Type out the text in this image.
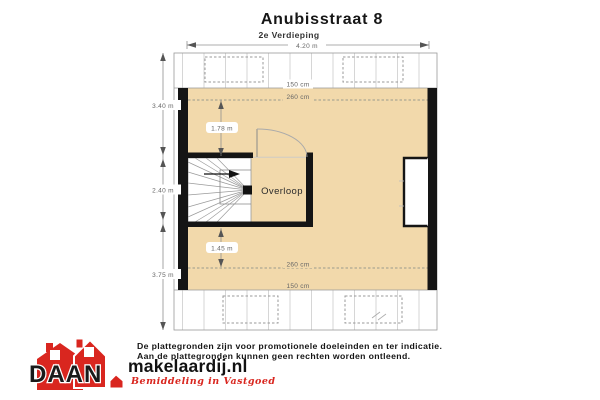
Anubisstraat 8
2e Verdieping
Overloop
4.20 m
3.40 m
2.40 m
3.75 m
1.78 m
1.45 m
150 cm
260 cm
260 cm
150 cm
De plattegronden zijn voor promotionele doeleinden en ter indicatie.
Aan de plattegronden kunnen geen rechten worden ontleend.
DAAN makelaardij.nl
Bemiddeling in Vastgoed
